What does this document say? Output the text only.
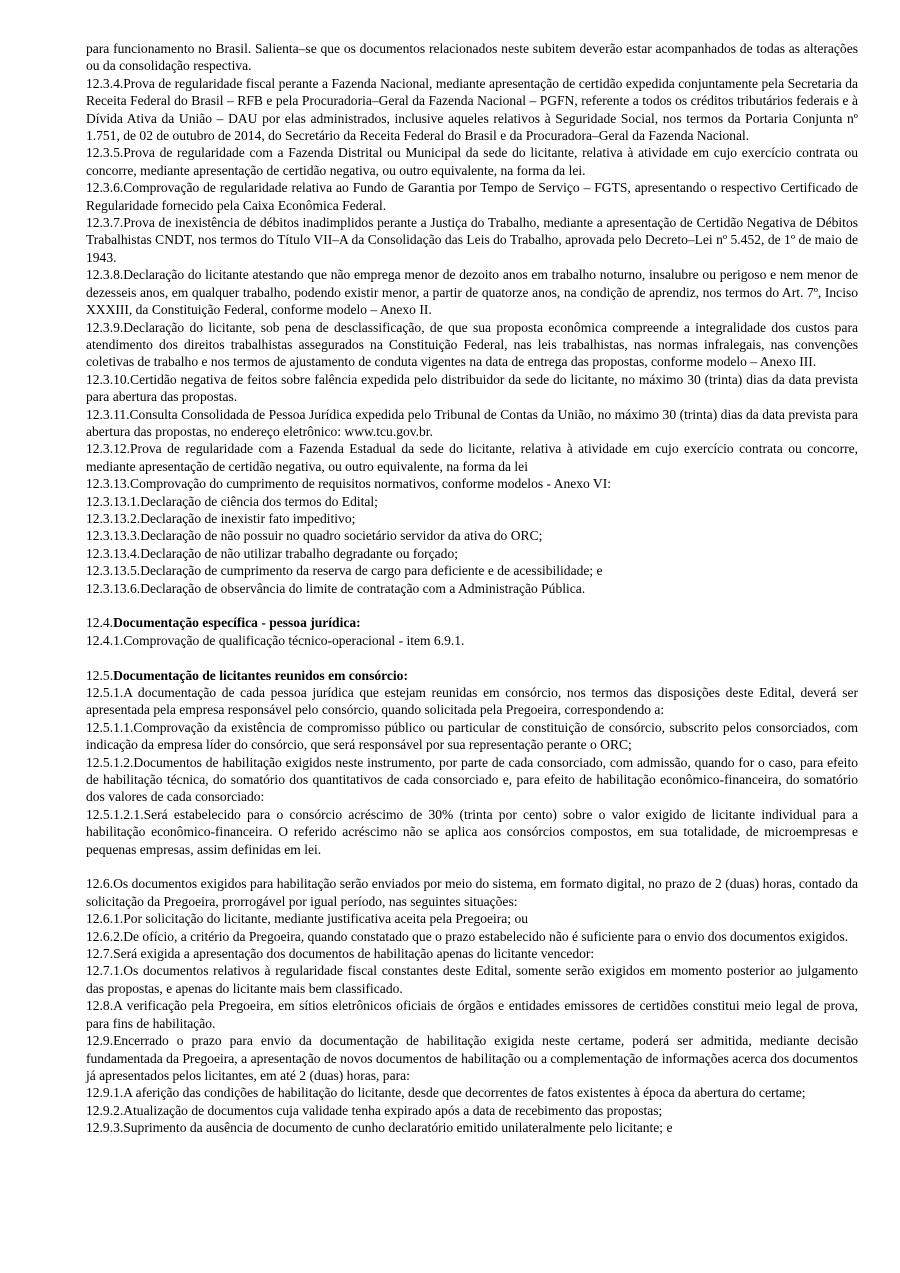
para funcionamento no Brasil. Salienta–se que os documentos relacionados neste subitem deverão estar acompanhados de todas as alterações ou da consolidação respectiva.

12.3.4.Prova de regularidade fiscal perante a Fazenda Nacional, mediante apresentação de certidão expedida conjuntamente pela Secretaria da Receita Federal do Brasil – RFB e pela Procuradoria–Geral da Fazenda Nacional – PGFN, referente a todos os créditos tributários federais e à Dívida Ativa da União – DAU por elas administrados, inclusive aqueles relativos à Seguridade Social, nos termos da Portaria Conjunta nº 1.751, de 02 de outubro de 2014, do Secretário da Receita Federal do Brasil e da Procuradora–Geral da Fazenda Nacional.

12.3.5.Prova de regularidade com a Fazenda Distrital ou Municipal da sede do licitante, relativa à atividade em cujo exercício contrata ou concorre, mediante apresentação de certidão negativa, ou outro equivalente, na forma da lei.

12.3.6.Comprovação de regularidade relativa ao Fundo de Garantia por Tempo de Serviço – FGTS, apresentando o respectivo Certificado de Regularidade fornecido pela Caixa Econômica Federal.

12.3.7.Prova de inexistência de débitos inadimplidos perante a Justiça do Trabalho, mediante a apresentação de Certidão Negativa de Débitos Trabalhistas CNDT, nos termos do Título VII–A da Consolidação das Leis do Trabalho, aprovada pelo Decreto–Lei nº 5.452, de 1º de maio de 1943.

12.3.8.Declaração do licitante atestando que não emprega menor de dezoito anos em trabalho noturno, insalubre ou perigoso e nem menor de dezesseis anos, em qualquer trabalho, podendo existir menor, a partir de quatorze anos, na condição de aprendiz, nos termos do Art. 7º, Inciso XXXIII, da Constituição Federal, conforme modelo – Anexo II.

12.3.9.Declaração do licitante, sob pena de desclassificação, de que sua proposta econômica compreende a integralidade dos custos para atendimento dos direitos trabalhistas assegurados na Constituição Federal, nas leis trabalhistas, nas normas infralegais, nas convenções coletivas de trabalho e nos termos de ajustamento de conduta vigentes na data de entrega das propostas, conforme modelo – Anexo III.

12.3.10.Certidão negativa de feitos sobre falência expedida pelo distribuidor da sede do licitante, no máximo 30 (trinta) dias da data prevista para abertura das propostas.

12.3.11.Consulta Consolidada de Pessoa Jurídica expedida pelo Tribunal de Contas da União, no máximo 30 (trinta) dias da data prevista para abertura das propostas, no endereço eletrônico: www.tcu.gov.br.

12.3.12.Prova de regularidade com a Fazenda Estadual da sede do licitante, relativa à atividade em cujo exercício contrata ou concorre, mediante apresentação de certidão negativa, ou outro equivalente, na forma da lei

12.3.13.Comprovação do cumprimento de requisitos normativos, conforme modelos - Anexo VI:

12.3.13.1.Declaração de ciência dos termos do Edital;

12.3.13.2.Declaração de inexistir fato impeditivo;

12.3.13.3.Declaração de não possuir no quadro societário servidor da ativa do ORC;

12.3.13.4.Declaração de não utilizar trabalho degradante ou forçado;

12.3.13.5.Declaração de cumprimento da reserva de cargo para deficiente e de acessibilidade; e

12.3.13.6.Declaração de observância do limite de contratação com a Administração Pública.

12.4.Documentação específica - pessoa jurídica:

12.4.1.Comprovação de qualificação técnico-operacional - item 6.9.1.

12.5.Documentação de licitantes reunidos em consórcio:

12.5.1.A documentação de cada pessoa jurídica que estejam reunidas em consórcio, nos termos das disposições deste Edital, deverá ser apresentada pela empresa responsável pelo consórcio, quando solicitada pela Pregoeira, correspondendo a:

12.5.1.1.Comprovação da existência de compromisso público ou particular de constituição de consórcio, subscrito pelos consorciados, com indicação da empresa líder do consórcio, que será responsável por sua representação perante o ORC;

12.5.1.2.Documentos de habilitação exigidos neste instrumento, por parte de cada consorciado, com admissão, quando for o caso, para efeito de habilitação técnica, do somatório dos quantitativos de cada consorciado e, para efeito de habilitação econômico-financeira, do somatório dos valores de cada consorciado:

12.5.1.2.1.Será estabelecido para o consórcio acréscimo de 30% (trinta por cento) sobre o valor exigido de licitante individual para a habilitação econômico-financeira. O referido acréscimo não se aplica aos consórcios compostos, em sua totalidade, de microempresas e pequenas empresas, assim definidas em lei.

12.6.Os documentos exigidos para habilitação serão enviados por meio do sistema, em formato digital, no prazo de 2 (duas) horas, contado da solicitação da Pregoeira, prorrogável por igual período, nas seguintes situações:

12.6.1.Por solicitação do licitante, mediante justificativa aceita pela Pregoeira; ou

12.6.2.De ofício, a critério da Pregoeira, quando constatado que o prazo estabelecido não é suficiente para o envio dos documentos exigidos.

12.7.Será exigida a apresentação dos documentos de habilitação apenas do licitante vencedor:

12.7.1.Os documentos relativos à regularidade fiscal constantes deste Edital, somente serão exigidos em momento posterior ao julgamento das propostas, e apenas do licitante mais bem classificado.

12.8.A verificação pela Pregoeira, em sítios eletrônicos oficiais de órgãos e entidades emissores de certidões constitui meio legal de prova, para fins de habilitação.

12.9.Encerrado o prazo para envio da documentação de habilitação exigida neste certame, poderá ser admitida, mediante decisão fundamentada da Pregoeira, a apresentação de novos documentos de habilitação ou a complementação de informações acerca dos documentos já apresentados pelos licitantes, em até 2 (duas) horas, para:

12.9.1.A aferição das condições de habilitação do licitante, desde que decorrentes de fatos existentes à época da abertura do certame;

12.9.2.Atualização de documentos cuja validade tenha expirado após a data de recebimento das propostas;

12.9.3.Suprimento da ausência de documento de cunho declaratório emitido unilateralmente pelo licitante; e
